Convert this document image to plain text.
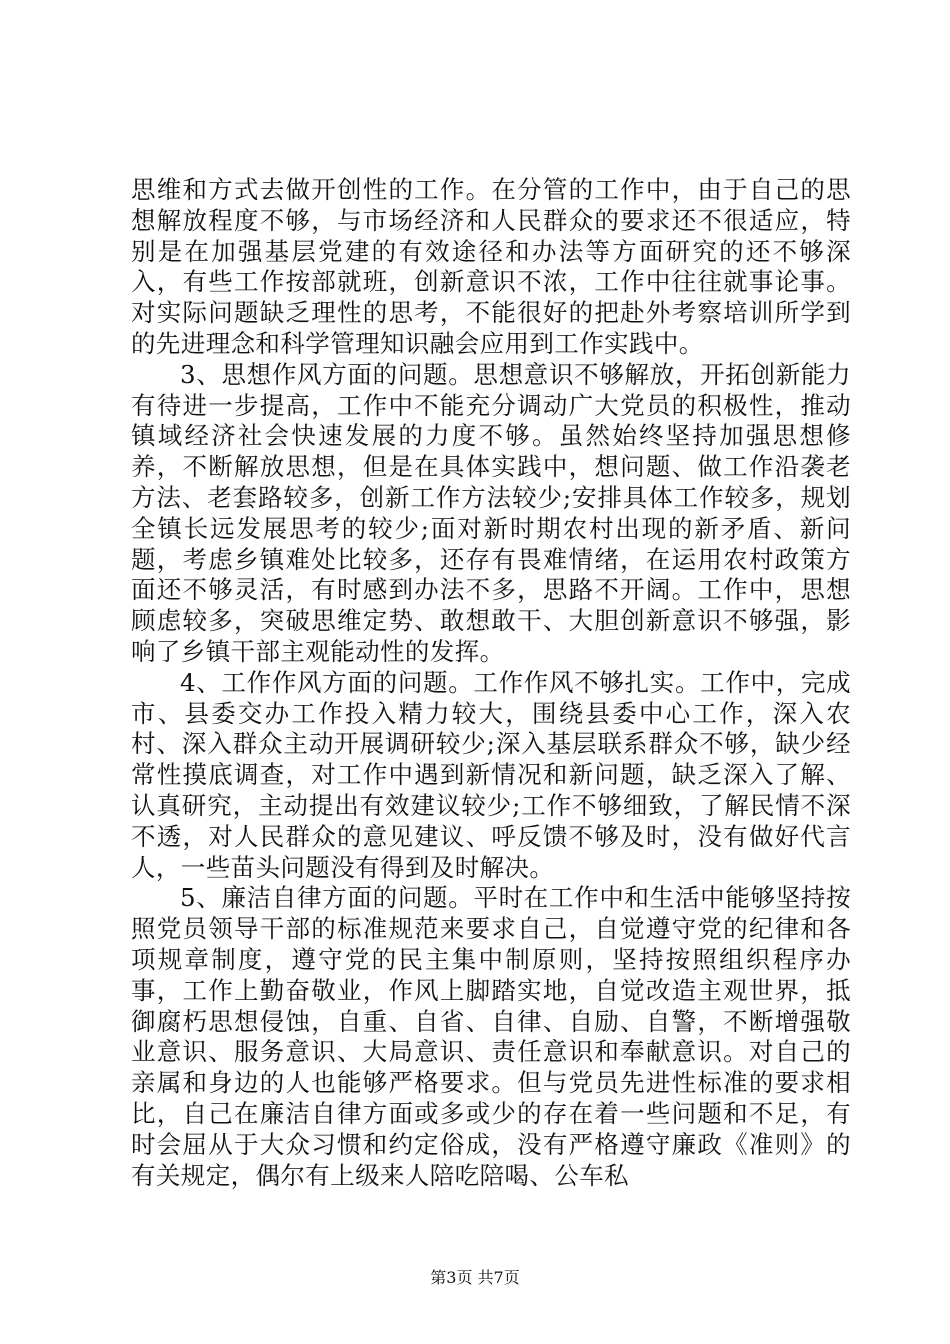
思维和方式去做开创性的工作。在分管的工作中，由于自己的思想解放程度不够，与市场经济和人民群众的要求还不很适应，特别是在加强基层党建的有效途径和办法等方面研究的还不够深入，有些工作按部就班，创新意识不浓，工作中往往就事论事。对实际问题缺乏理性的思考，不能很好的把赴外考察培训所学到的先进理念和科学管理知识融会应用到工作实践中。

3、思想作风方面的问题。思想意识不够解放，开拓创新能力有待进一步提高，工作中不能充分调动广大党员的积极性，推动镇域经济社会快速发展的力度不够。虽然始终坚持加强思想修养，不断解放思想，但是在具体实践中，想问题、做工作沿袭老方法、老套路较多，创新工作方法较少;安排具体工作较多，规划全镇长远发展思考的较少;面对新时期农村出现的新矛盾、新问题，考虑乡镇难处比较多，还存有畏难情绪，在运用农村政策方面还不够灵活，有时感到办法不多，思路不开阔。工作中，思想顾虑较多，突破思维定势、敢想敢干、大胆创新意识不够强，影响了乡镇干部主观能动性的发挥。

4、工作作风方面的问题。工作作风不够扎实。工作中，完成市、县委交办工作投入精力较大，围绕县委中心工作，深入农村、深入群众主动开展调研较少;深入基层联系群众不够，缺少经常性摸底调查，对工作中遇到新情况和新问题，缺乏深入了解、认真研究，主动提出有效建议较少;工作不够细致，了解民情不深不透，对人民群众的意见建议、呼反馈不够及时，没有做好代言人，一些苗头问题没有得到及时解决。

5、廉洁自律方面的问题。平时在工作中和生活中能够坚持按照党员领导干部的标准规范来要求自己，自觉遵守党的纪律和各项规章制度，遵守党的民主集中制原则，坚持按照组织程序办事，工作上勤奋敬业，作风上脚踏实地，自觉改造主观世界，抵御腐朽思想侵蚀，自重、自省、自律、自励、自警，不断增强敬业意识、服务意识、大局意识、责任意识和奉献意识。对自己的亲属和身边的人也能够严格要求。但与党员先进性标准的要求相比，自己在廉洁自律方面或多或少的存在着一些问题和不足，有时会屈从于大众习惯和约定俗成，没有严格遵守廉政《准则》的有关规定，偶尔有上级来人陪吃陪喝、公车私

第3页 共7页
